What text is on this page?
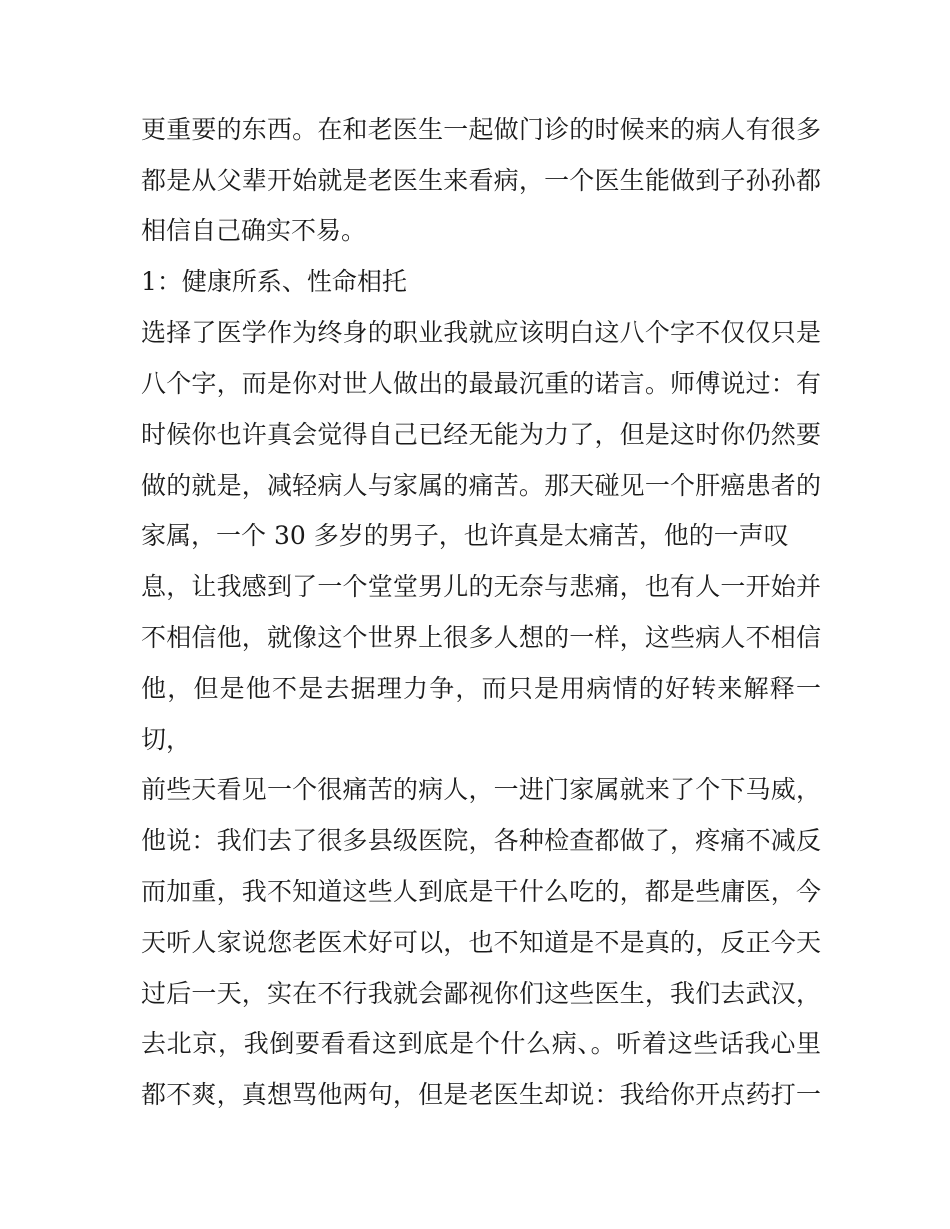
更重要的东西。在和老医生一起做门诊的时候来的病人有很多
都是从父辈开始就是老医生来看病，一个医生能做到子孙孙都
相信自己确实不易。
1：健康所系、性命相托
选择了医学作为终身的职业我就应该明白这八个字不仅仅只是
八个字，而是你对世人做出的最最沉重的诺言。师傅说过：有
时候你也许真会觉得自己已经无能为力了，但是这时你仍然要
做的就是，减轻病人与家属的痛苦。那天碰见一个肝癌患者的
家属，一个 30 多岁的男子，也许真是太痛苦，他的一声叹
息，让我感到了一个堂堂男儿的无奈与悲痛，也有人一开始并
不相信他，就像这个世界上很多人想的一样，这些病人不相信
他，但是他不是去据理力争，而只是用病情的好转来解释一
切，
前些天看见一个很痛苦的病人，一进门家属就来了个下马威，
他说：我们去了很多县级医院，各种检查都做了，疼痛不减反
而加重，我不知道这些人到底是干什么吃的，都是些庸医，今
天听人家说您老医术好可以，也不知道是不是真的，反正今天
过后一天，实在不行我就会鄙视你们这些医生，我们去武汉，
去北京，我倒要看看这到底是个什么病、。听着这些话我心里
都不爽，真想骂他两句，但是老医生却说：我给你开点药打一
